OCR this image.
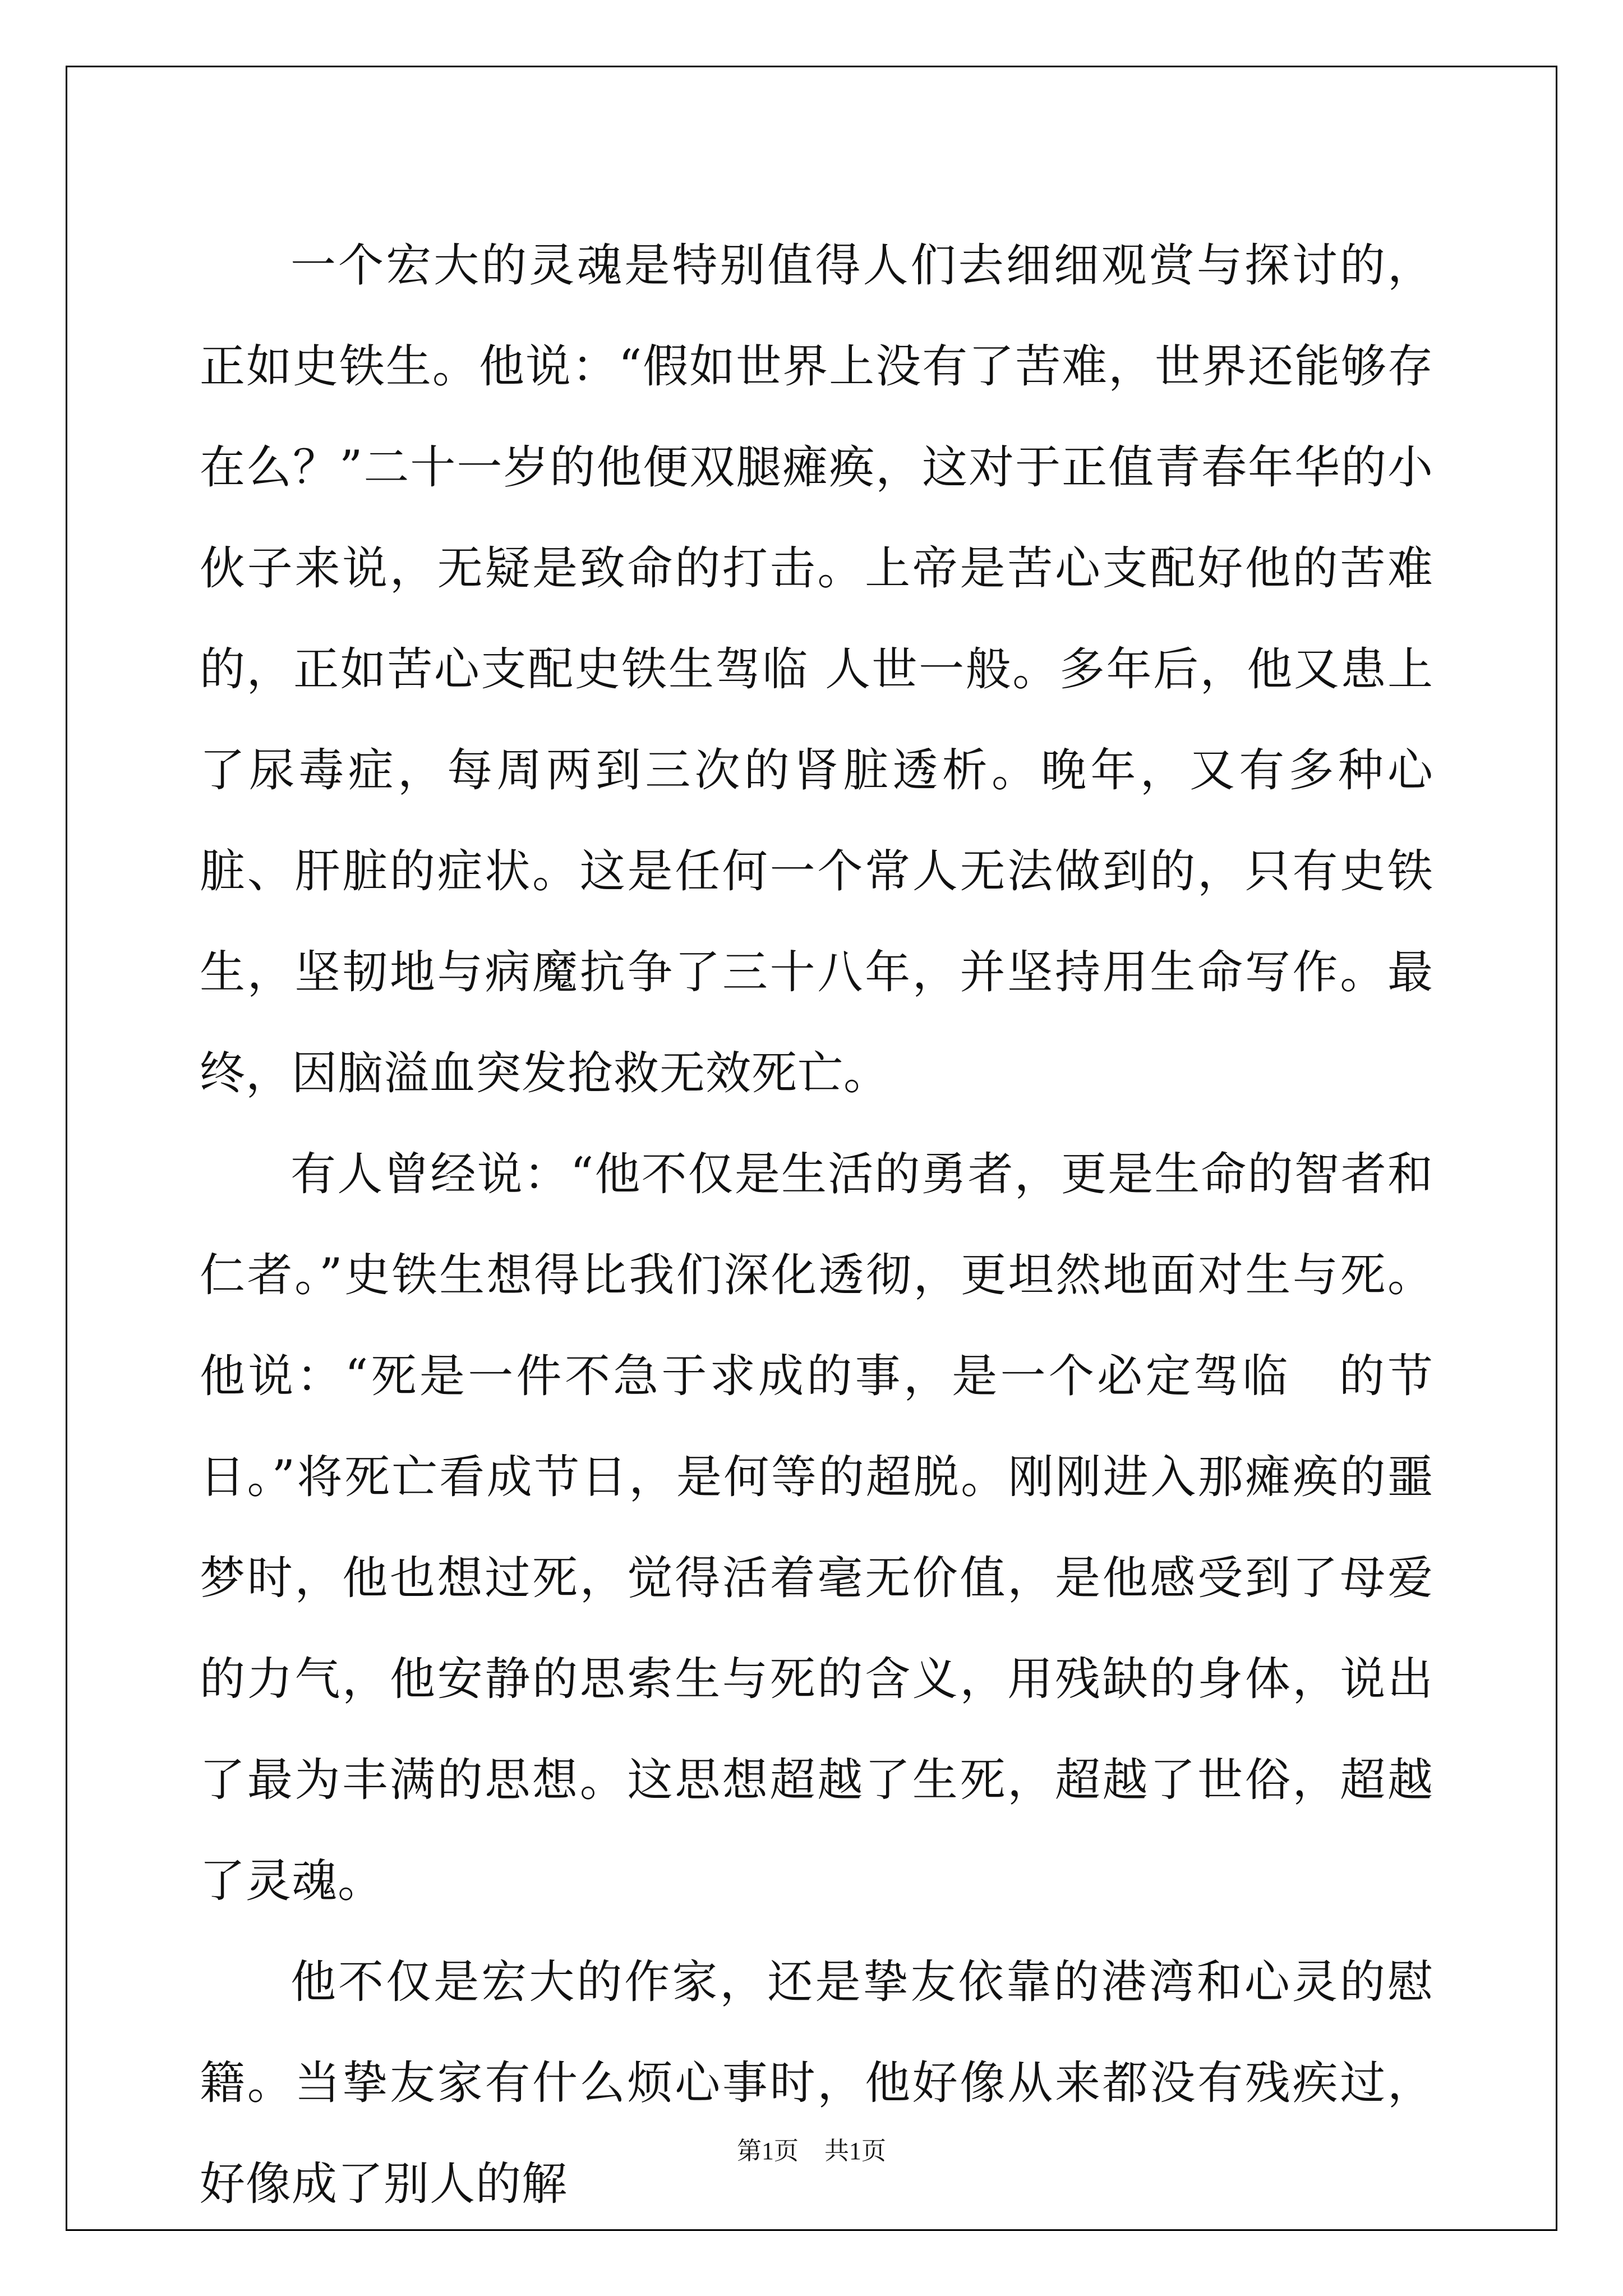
一个宏大的灵魂是特别值得人们去细细观赏与探讨的，正如史铁生。他说：“假如世界上没有了苦难，世界还能够存在么？”二十一岁的他便双腿瘫痪，这对于正值青春年华的小伙子来说，无疑是致命的打击。上帝是苦心支配好他的苦难的，正如苦心支配史铁生驾临 人世一般。多年后，他又患上了尿毒症，每周两到三次的肾脏透析。晚年，又有多种心脏、肝脏的症状。这是任何一个常人无法做到的，只有史铁生，坚韧地与病魔抗争了三十八年，并坚持用生命写作。最终，因脑溢血突发抢救无效死亡。

有人曾经说：“他不仅是生活的勇者，更是生命的智者和仁者。”史铁生想得比我们深化透彻，更坦然地面对生与死。他说：“死是一件不急于求成的事，是一个必定驾临　的节日。”将死亡看成节日，是何等的超脱。刚刚进入那瘫痪的噩梦时，他也想过死，觉得活着毫无价值，是他感受到了母爱的力气，他安静的思索生与死的含义，用残缺的身体，说出了最为丰满的思想。这思想超越了生死，超越了世俗，超越了灵魂。

他不仅是宏大的作家，还是挚友依靠的港湾和心灵的慰籍。当挚友家有什么烦心事时，他好像从来都没有残疾过，好像成了别人的解

第1页 共1页
